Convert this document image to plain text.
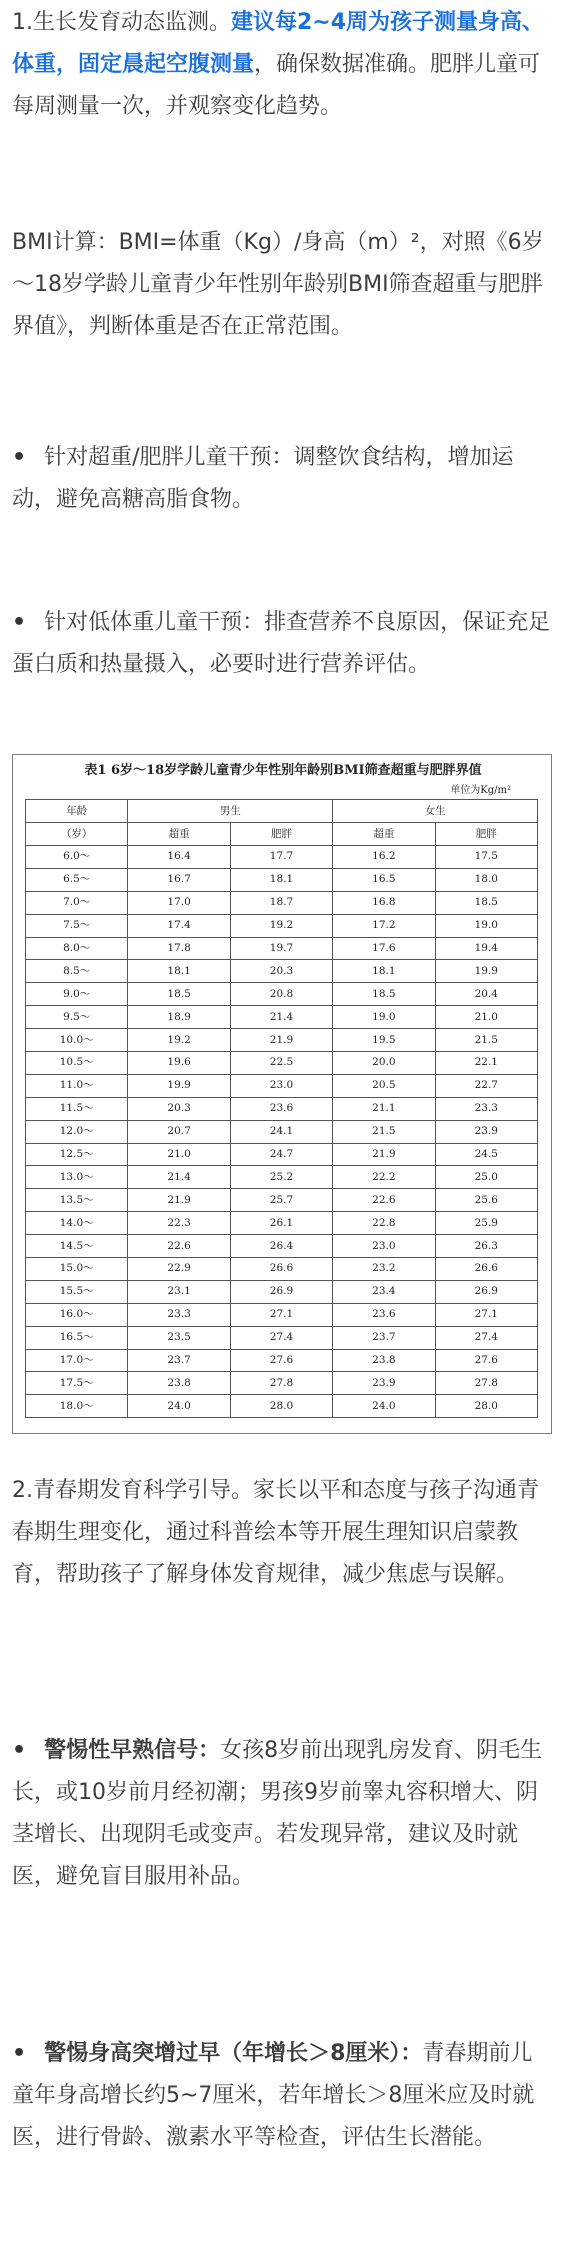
1.生长发育动态监测。建议每2~4周为孩子测量身高、体重，固定晨起空腹测量，确保数据准确。肥胖儿童可每周测量一次，并观察变化趋势。

BMI计算：BMI=体重（Kg）/身高（m）²，对照《6岁～18岁学龄儿童青少年性别年龄别BMI筛查超重与肥胖界值》，判断体重是否在正常范围。

• 针对超重/肥胖儿童干预：调整饮食结构，增加运动，避免高糖高脂食物。

• 针对低体重儿童干预：排查营养不良原因，保证充足蛋白质和热量摄入，必要时进行营养评估。

表1 6岁～18岁学龄儿童青少年性别年龄别BMI筛查超重与肥胖界值
单位为Kg/m²
年龄	男生		女生	
（岁）	超重	肥胖	超重	肥胖
6.0～	16.4	17.7	16.2	17.5
6.5～	16.7	18.1	16.5	18.0
7.0～	17.0	18.7	16.8	18.5
7.5～	17.4	19.2	17.2	19.0
8.0～	17.8	19.7	17.6	19.4
8.5～	18.1	20.3	18.1	19.9
9.0～	18.5	20.8	18.5	20.4
9.5～	18.9	21.4	19.0	21.0
10.0～	19.2	21.9	19.5	21.5
10.5～	19.6	22.5	20.0	22.1
11.0～	19.9	23.0	20.5	22.7
11.5～	20.3	23.6	21.1	23.3
12.0～	20.7	24.1	21.5	23.9
12.5～	21.0	24.7	21.9	24.5
13.0～	21.4	25.2	22.2	25.0
13.5～	21.9	25.7	22.6	25.6
14.0～	22.3	26.1	22.8	25.9
14.5～	22.6	26.4	23.0	26.3
15.0～	22.9	26.6	23.2	26.6
15.5～	23.1	26.9	23.4	26.9
16.0～	23.3	27.1	23.6	27.1
16.5～	23.5	27.4	23.7	27.4
17.0～	23.7	27.6	23.8	27.6
17.5～	23.8	27.8	23.9	27.8
18.0～	24.0	28.0	24.0	28.0

2.青春期发育科学引导。家长以平和态度与孩子沟通青春期生理变化，通过科普绘本等开展生理知识启蒙教育，帮助孩子了解身体发育规律，减少焦虑与误解。

• 警惕性早熟信号：女孩8岁前出现乳房发育、阴毛生长，或10岁前月经初潮；男孩9岁前睾丸容积增大、阴茎增长、出现阴毛或变声。若发现异常，建议及时就医，避免盲目服用补品。

• 警惕身高突增过早（年增长＞8厘米）：青春期前儿童年身高增长约5~7厘米，若年增长＞8厘米应及时就医，进行骨龄、激素水平等检查，评估生长潜能。
